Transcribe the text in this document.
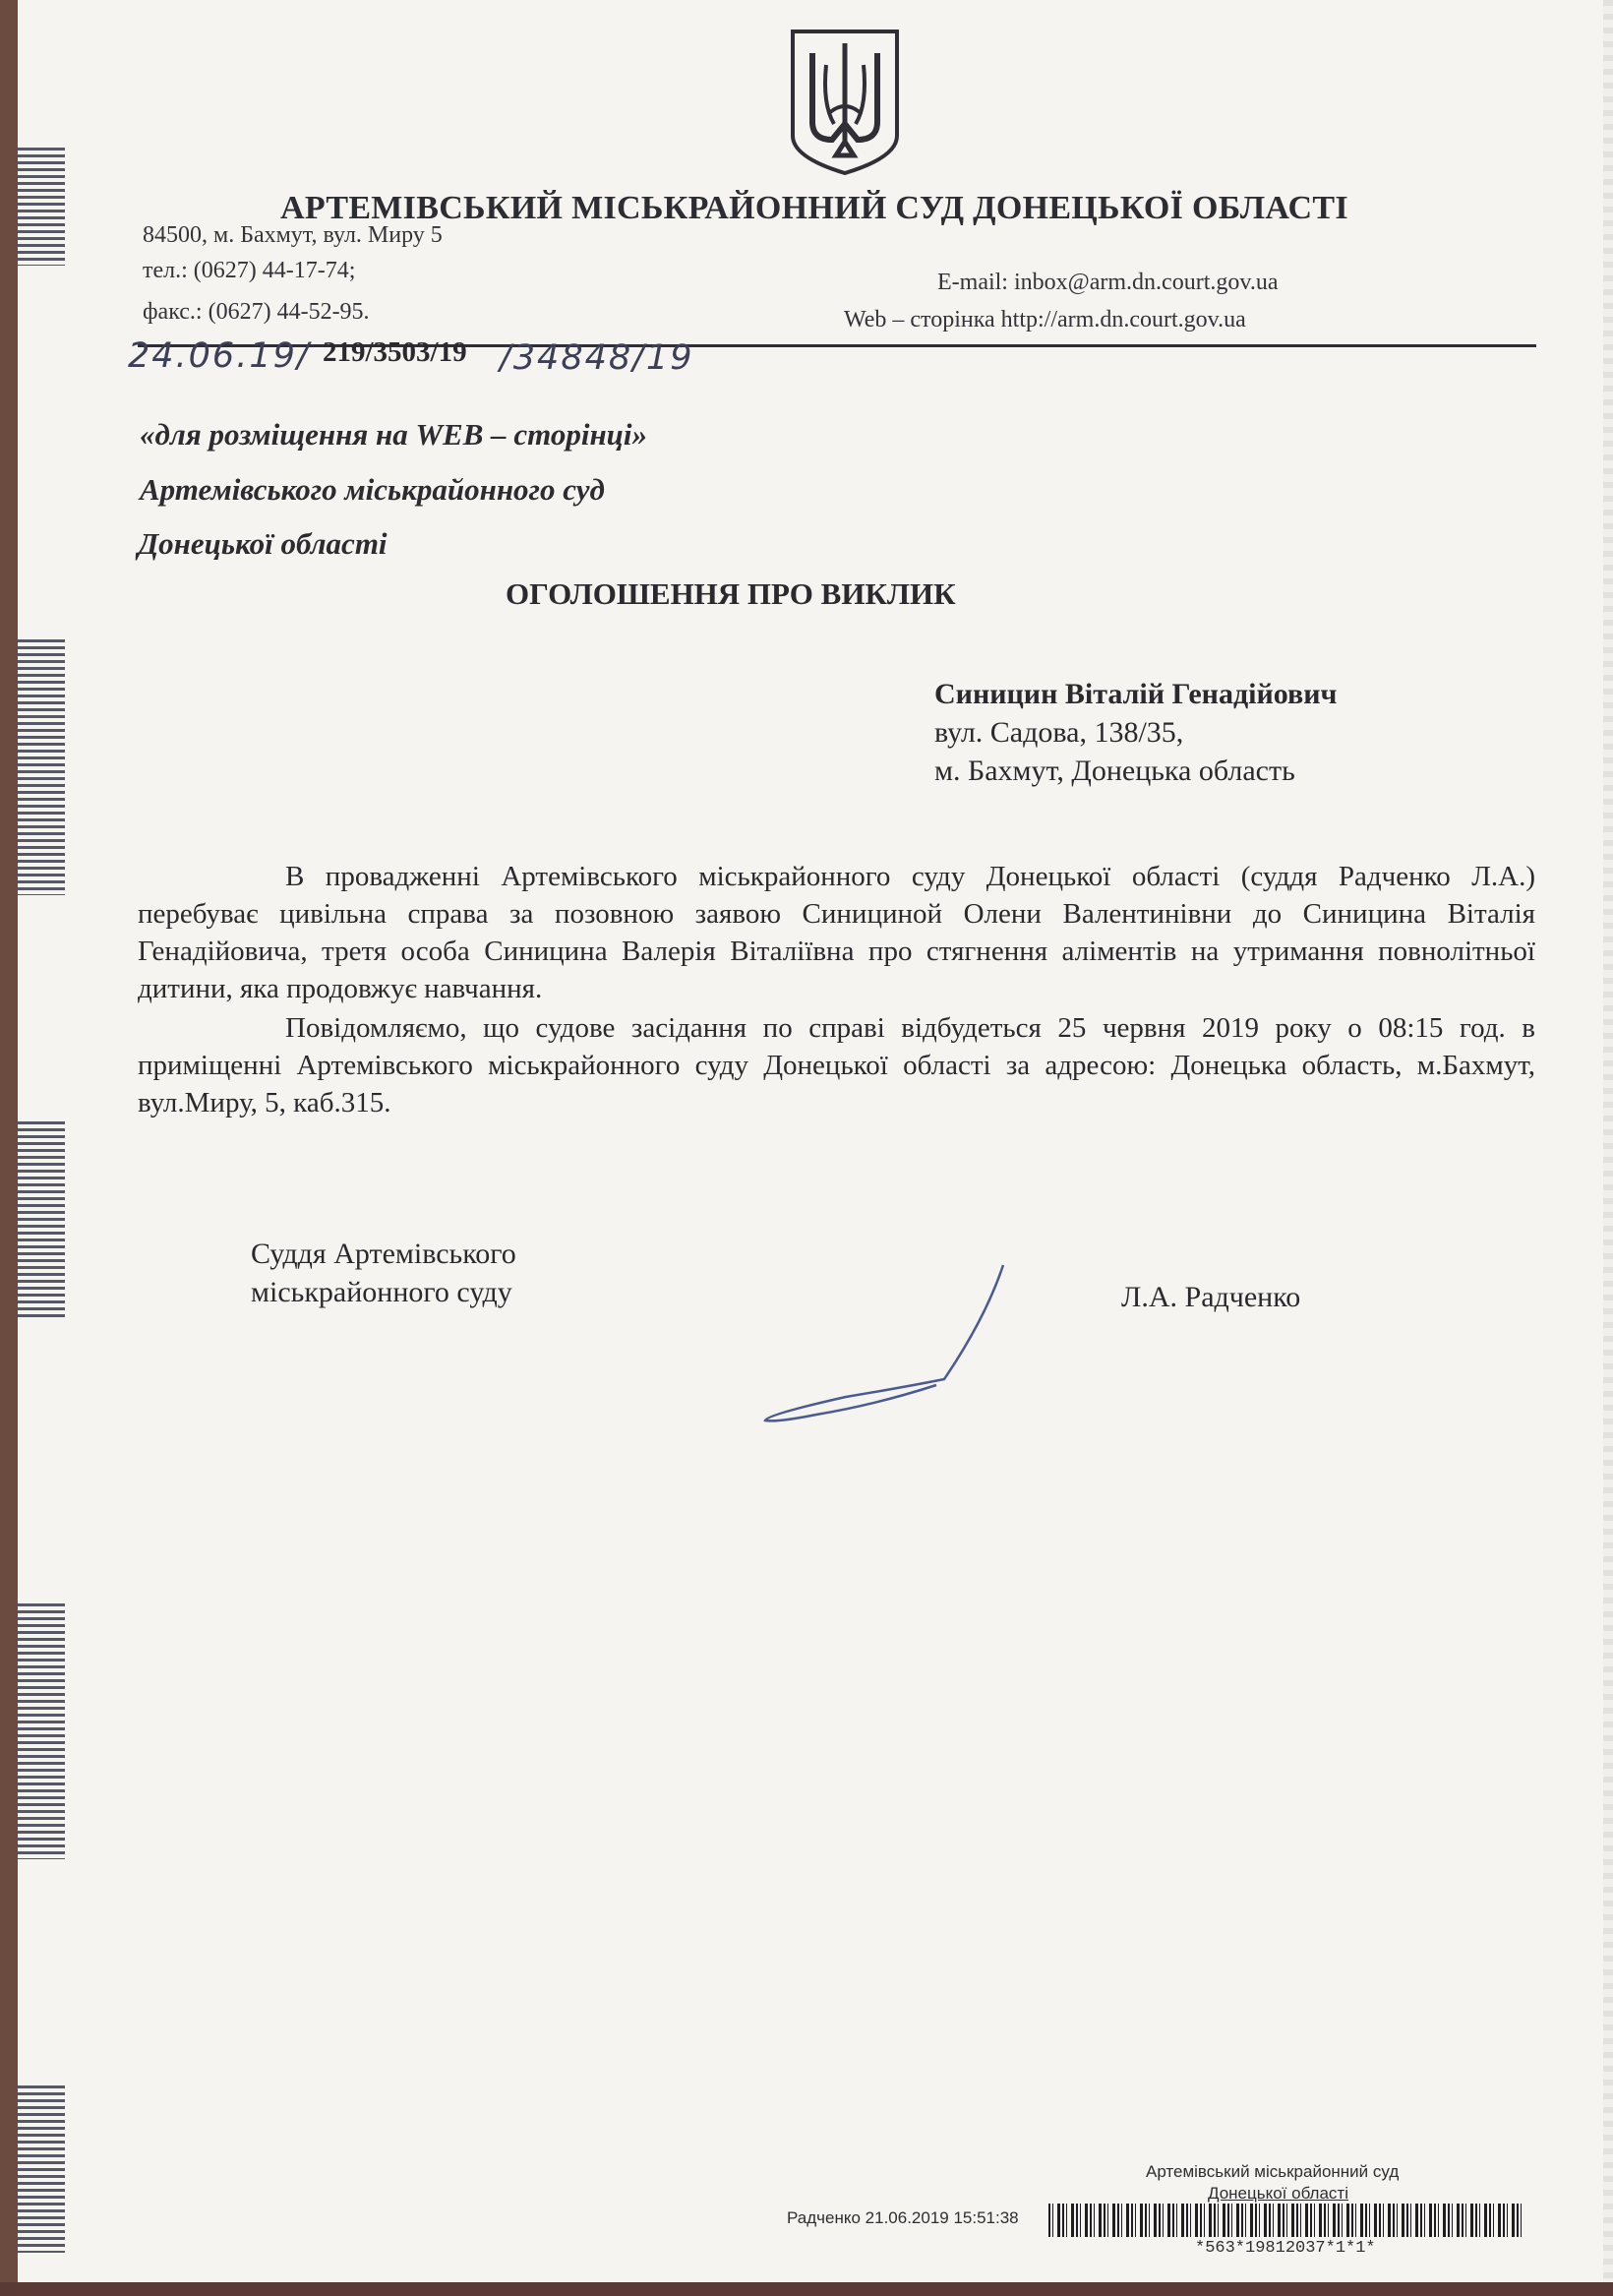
АРТЕМІВСЬКИЙ МІСЬКРАЙОННИЙ СУД ДОНЕЦЬКОЇ ОБЛАСТІ
84500, м. Бахмут, вул. Миру 5
тел.: (0627) 44-17-74;
факс.: (0627) 44-52-95.
E-mail: inbox@arm.dn.court.gov.ua
Web – сторінка http://arm.dn.court.gov.ua
24.06.19/ 219/3503/19 /34848/19
«для розміщення на WEB – сторінці»
Артемівського міськрайонного суд
Донецької області
ОГОЛОШЕННЯ ПРО ВИКЛИК
Синицин Віталій Генадійович
вул. Садова, 138/35,
м. Бахмут, Донецька область
В провадженні Артемівського міськрайонного суду Донецької області (суддя Радченко Л.А.) перебуває цивільна справа за позовною заявою Синициной Олени Валентинівни до Синицина Віталія Генадійовича, третя особа Синицина Валерія Віталіївна про стягнення аліментів на утримання повнолітньої дитини, яка продовжує навчання.
Повідомляємо, що судове засідання по справі відбудеться 25 червня 2019 року о 08:15 год. в приміщенні Артемівського міськрайонного суду Донецької області за адресою: Донецька область, м.Бахмут, вул.Миру, 5, каб.315.
Суддя Артемівського
міськрайонного суду	Л.А. Радченко
Артемівський міськрайонний суд
Донецької області
Радченко 21.06.2019 15:51:38
*563*19812037*1*1*
